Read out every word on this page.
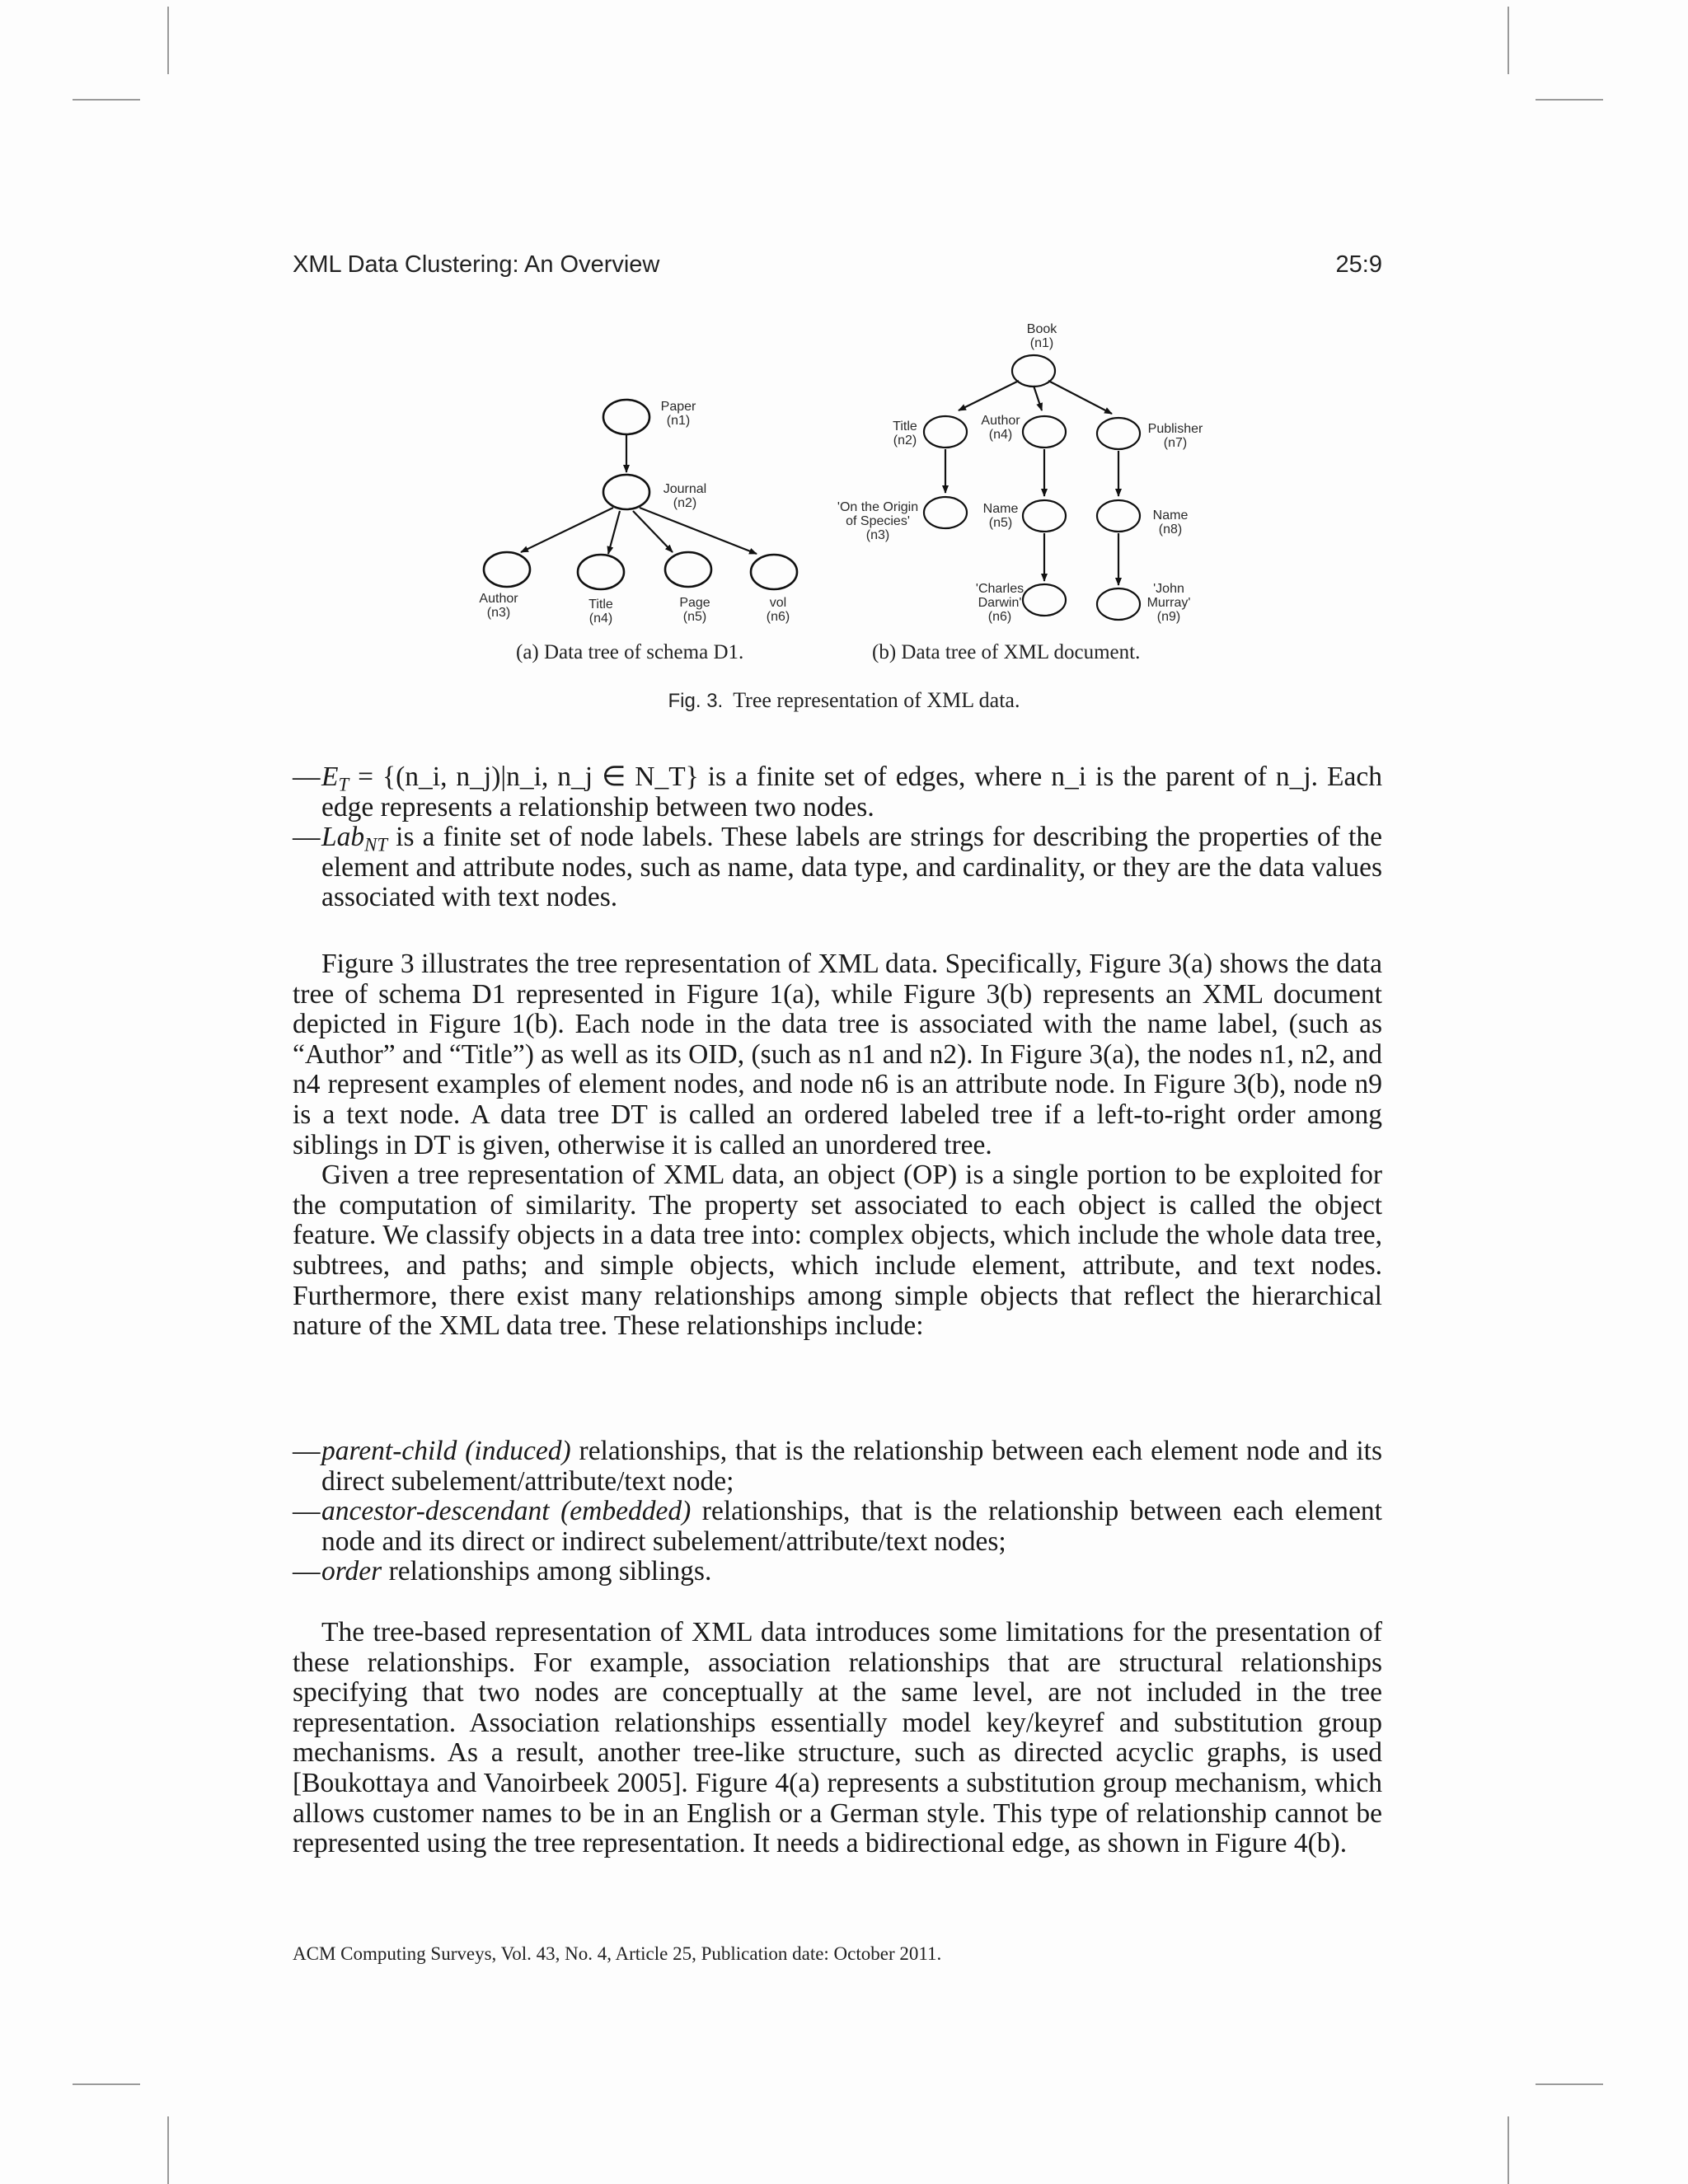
XML Data Clustering: An Overview	25:9
Paper
(n1)
Journal
(n2)
Author
(n3)
Title
(n4)
Page
(n5)
vol
(n6)
Book
(n1)
Title
(n2)
Author
(n4)	Publisher
(n7)
'On the Origin
of Species'
(n3)
Name
(n5)
Name
(n8)
'Charles
Darwin'
(n6)
'John
Murray'
(n9)
(a) Data tree of schema D1.	(b) Data tree of XML document.
Fig. 3. Tree representation of XML data.
— $E_T$ = {(n_i, n_j)|n_i, n_j ∈ N_T} is a finite set of edges, where n_i is the parent of n_j. Each edge represents a relationship between two nodes.
— Lab$_{NT}$ is a finite set of node labels. These labels are strings for describing the properties of the element and attribute nodes, such as name, data type, and cardinality, or they are the data values associated with text nodes.

Figure 3 illustrates the tree representation of XML data. Specifically, Figure 3(a) shows the data tree of schema D1 represented in Figure 1(a), while Figure 3(b) represents an XML document depicted in Figure 1(b). Each node in the data tree is associated with the name label, (such as “Author” and “Title”) as well as its OID, (such as n1 and n2). In Figure 3(a), the nodes n1, n2, and n4 represent examples of element nodes, and node n6 is an attribute node. In Figure 3(b), node n9 is a text node. A data tree DT is called an ordered labeled tree if a left-to-right order among siblings in DT is given, otherwise it is called an unordered tree.

Given a tree representation of XML data, an object (OP) is a single portion to be exploited for the computation of similarity. The property set associated to each object is called the object feature. We classify objects in a data tree into: complex objects, which include the whole data tree, subtrees, and paths; and simple objects, which include element, attribute, and text nodes. Furthermore, there exist many relationships among simple objects that reflect the hierarchical nature of the XML data tree. These relationships include:

— parent-child (induced) relationships, that is the relationship between each element node and its direct subelement/attribute/text node;
— ancestor-descendant (embedded) relationships, that is the relationship between each element node and its direct or indirect subelement/attribute/text nodes;
— order relationships among siblings.

The tree-based representation of XML data introduces some limitations for the presentation of these relationships. For example, association relationships that are structural relationships specifying that two nodes are conceptually at the same level, are not included in the tree representation. Association relationships essentially model key/keyref and substitution group mechanisms. As a result, another tree-like structure, such as directed acyclic graphs, is used [Boukottaya and Vanoirbeek 2005]. Figure 4(a) represents a substitution group mechanism, which allows customer names to be in an English or a German style. This type of relationship cannot be represented using the tree representation. It needs a bidirectional edge, as shown in Figure 4(b).

ACM Computing Surveys, Vol. 43, No. 4, Article 25, Publication date: October 2011.
